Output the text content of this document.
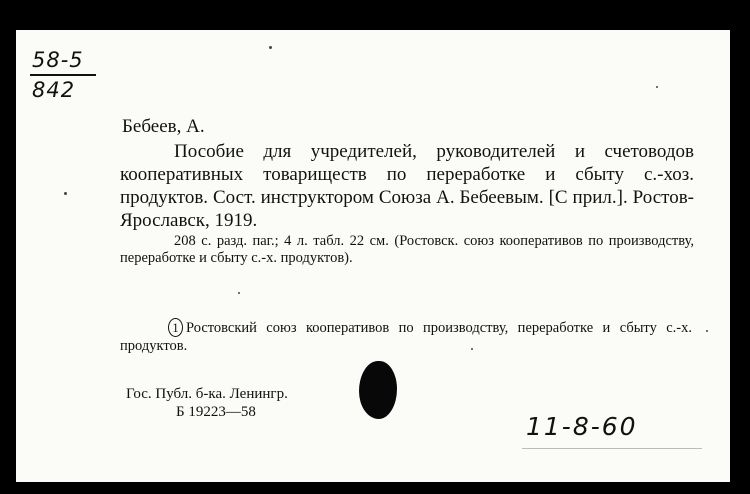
58-5
842
Бебеев, А.
Пособие для учредителей, руководителей и счетоводов кооперативных товариществ по переработке и сбыту с.-хоз. продуктов. Сост. инструктором Союза А. Бебеевым. [С прил.]. Ростов-Ярославск, 1919.
208 с. разд. паг.; 4 л. табл. 22 см. (Ростовск. союз кооперативов по производству, переработке и сбыту с.-х. продуктов).
1 Ростовский союз кооперативов по производству, переработке и сбыту с.-х. продуктов.
Гос. Публ. б-ка. Ленингр.
Б 19223—58	11-8-60
